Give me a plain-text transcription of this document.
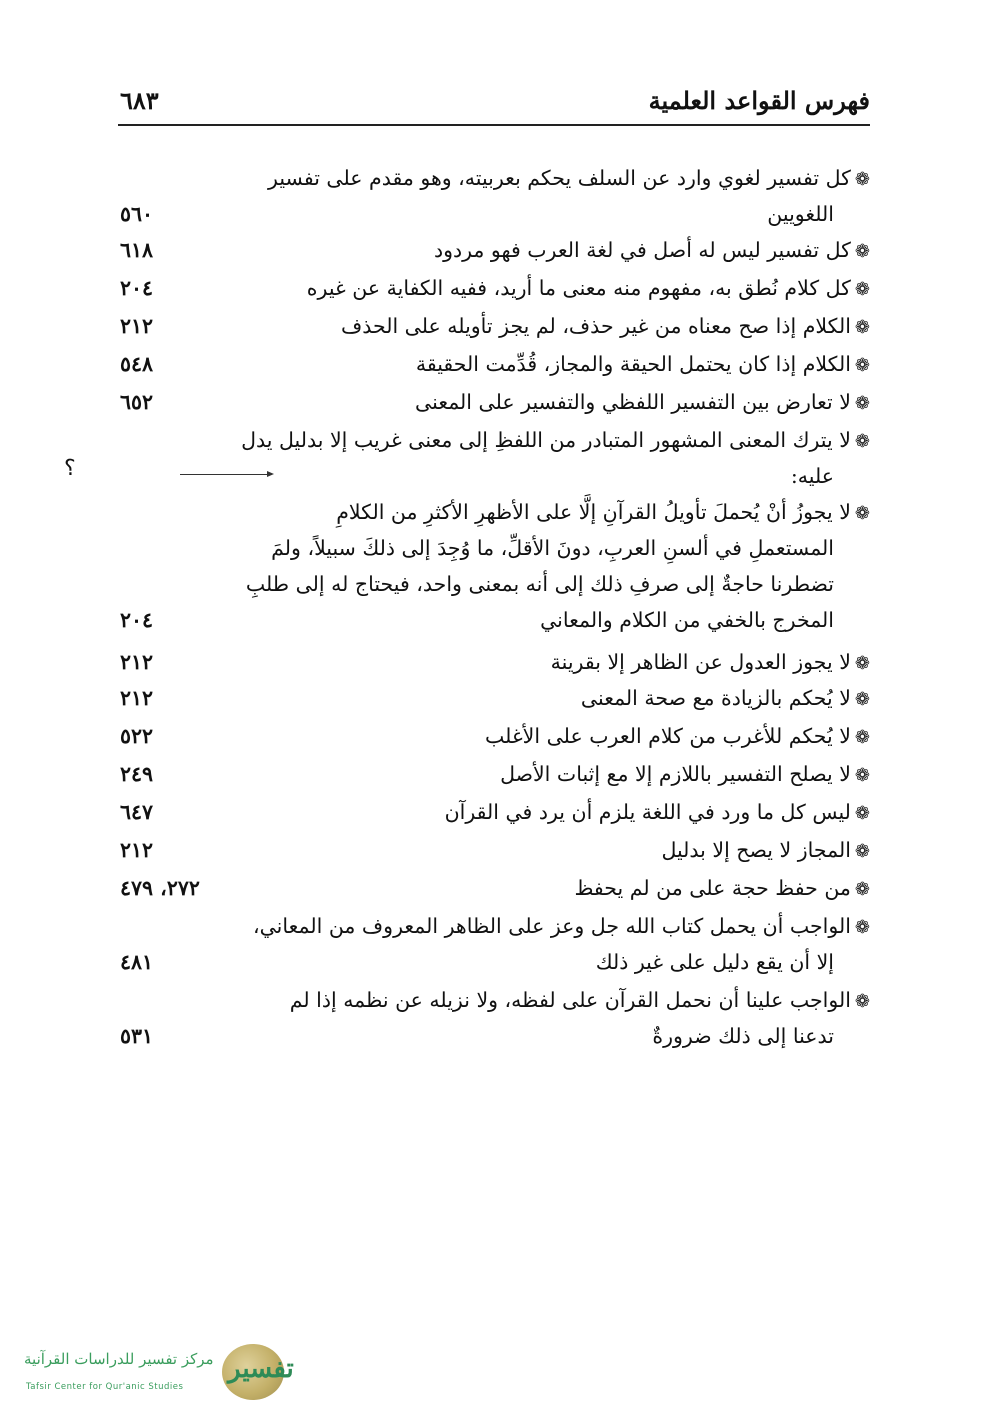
فهرس القواعد العلمية
٦٨٣
❁كل تفسير لغوي وارد عن السلف يحكم بعربيته، وهو مقدم على تفسير
اللغويين
٥٦٠
❁كل تفسير ليس له أصل في لغة العرب فهو مردود
٦١٨
❁كل كلام نُطق به، مفهوم منه معنى ما أريد، ففيه الكفاية عن غيره
٢٠٤
❁الكلام إذا صح معناه من غير حذف، لم يجز تأويله على الحذف
٢١٢
❁الكلام إذا كان يحتمل الحيقة والمجاز، قُدِّمت الحقيقة
٥٤٨
❁لا تعارض بين التفسير اللفظي والتفسير على المعنى
٦٥٢
❁لا يترك المعنى المشهور المتبادر من اللفظِ إلى معنى غريب إلا بدليل يدل
عليه:
❁لا يجوزُ أنْ يُحملَ تأويلُ القرآنِ إلَّا على الأظهرِ الأكثرِ من الكلامِ
المستعملِ في ألسنِ العربِ، دونَ الأقلِّ، ما وُجِدَ إلى ذلكَ سبيلاً، ولمَ
تضطرنا حاجةٌ إلى صرفِ ذلك إلى أنه بمعنى واحد، فيحتاج له إلى طلبِ
المخرج بالخفي من الكلام والمعاني
٢٠٤
❁لا يجوز العدول عن الظاهر إلا بقرينة
٢١٢
❁لا يُحكم بالزيادة مع صحة المعنى
٢١٢
❁لا يُحكم للأغرب من كلام العرب على الأغلب
٥٢٢
❁لا يصلح التفسير باللازم إلا مع إثبات الأصل
٢٤٩
❁ليس كل ما ورد في اللغة يلزم أن يرد في القرآن
٦٤٧
❁المجاز لا يصح إلا بدليل
٢١٢
❁من حفظ حجة على من لم يحفظ
٢٧٢، ٤٧٩
❁الواجب أن يحمل كتاب الله جل وعز على الظاهر المعروف من المعاني،
إلا أن يقع دليل على غير ذلك
٤٨١
❁الواجب علينا أن نحمل القرآن على لفظه، ولا نزيله عن نظمه إذا لم
تدعنا إلى ذلك ضرورةٌ
٥٣١
؟
تفسير
مركز تفسير للدراسات القرآنية
Tafsir Center for Qur'anic Studies
